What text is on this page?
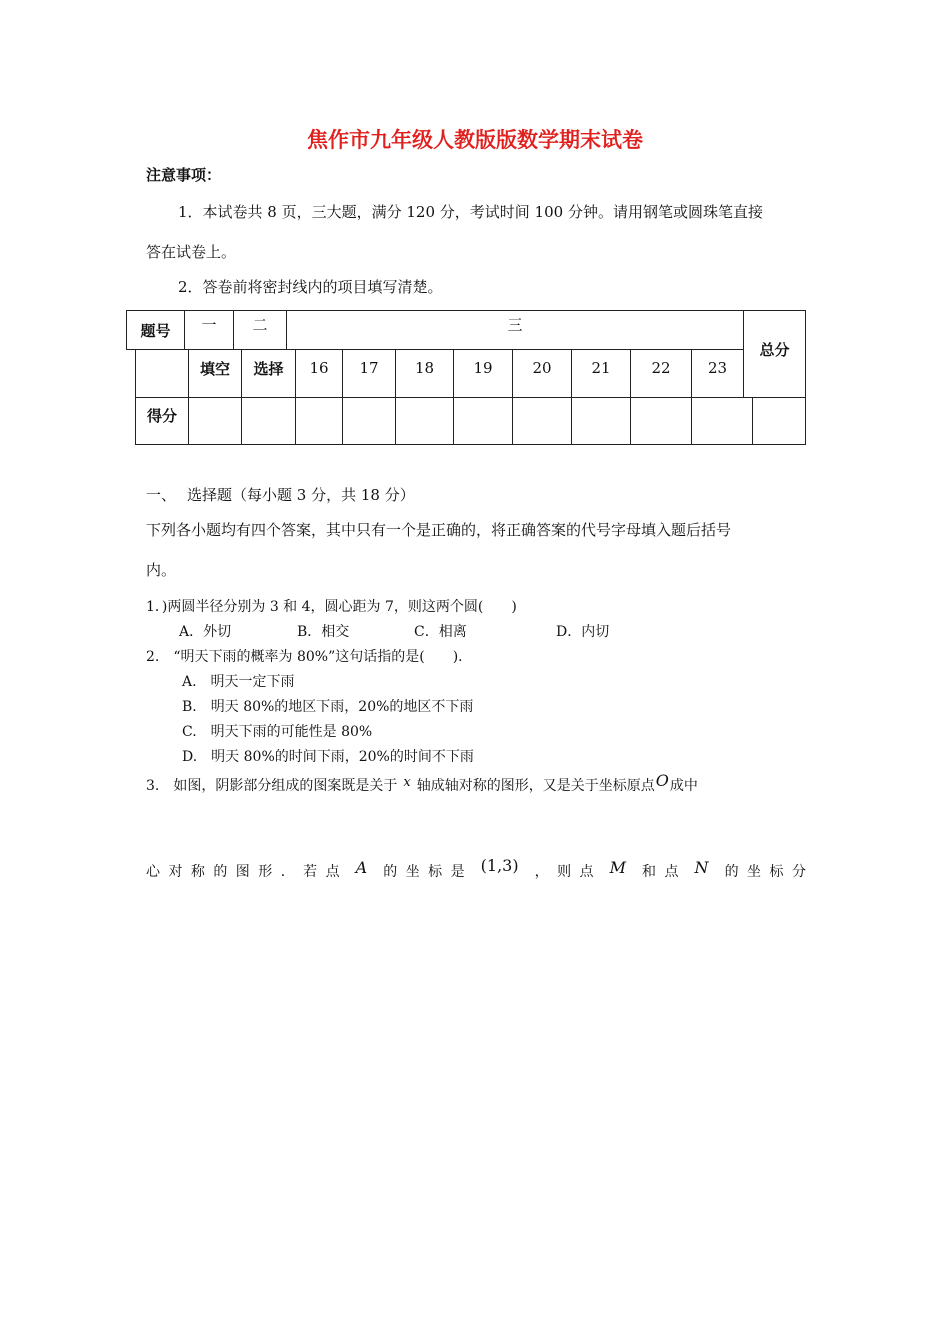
焦作市九年级人教版版数学期末试卷
注意事项：
1．本试卷共 8 页，三大题，满分 120 分，考试时间 100 分钟。请用钢笔或圆珠笔直接
答在试卷上。
2．答卷前将密封线内的项目填写清楚。
题号	一	二	三
总分
填空	选择	16	17	18	19	20	21	22	23
得分
一、 选择题（每小题 3 分，共 18 分）
下列各小题均有四个答案，其中只有一个是正确的，将正确答案的代号字母填入题后括号
内。
1．)两圆半径分别为 3 和 4，圆心距为 7，则这两个圆(　　)
A．外切	B．相交	C．相离	D．内切
2.　“明天下雨的概率为 80%”这句话指的是(　　)．
A.　明天一定下雨
B.　明天 80%的地区下雨，20%的地区不下雨
C.　明天下雨的可能性是 80%
D.　明天 80%的时间下雨，20%的时间不下雨
3.　如图，阴影部分组成的图案既是关于 x 轴成轴对称的图形，又是关于坐标原点 O 成中
心 对 称 的 图 形 ． 若 点 A 的 坐 标 是 (1,3) ， 则 点 M 和 点 N 的 坐 标 分
